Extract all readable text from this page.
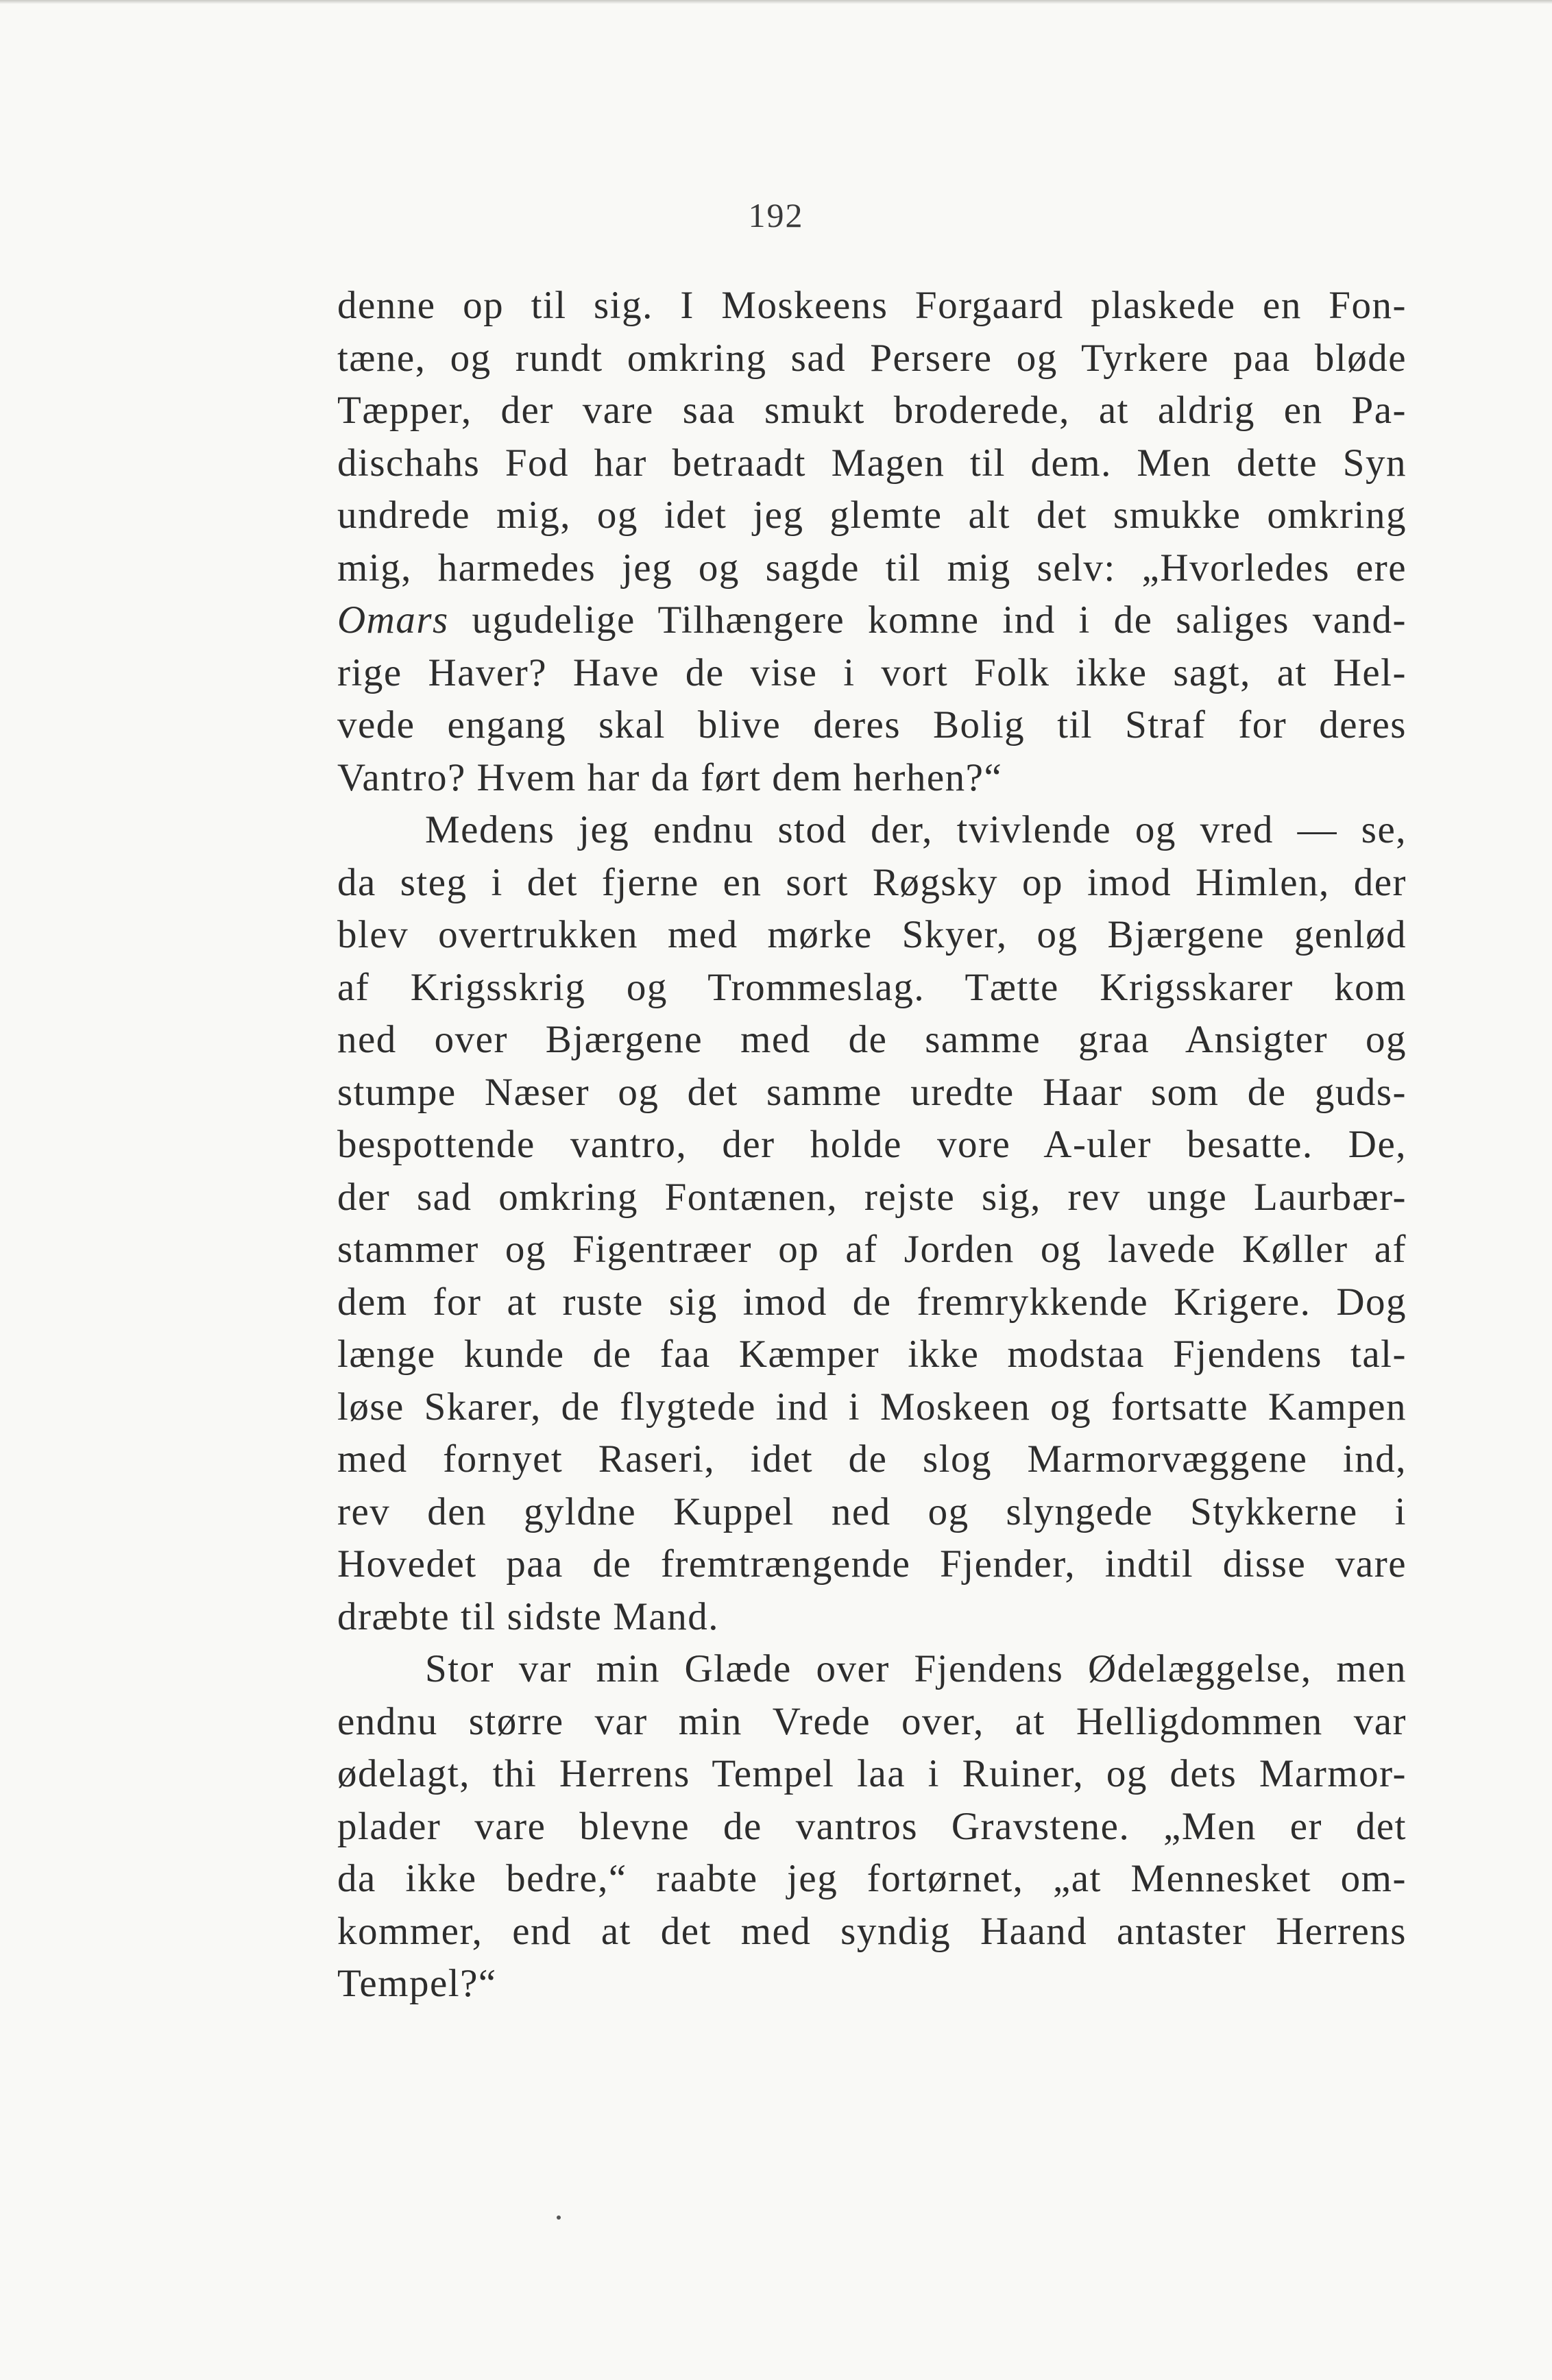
192
denne op til sig. I Moskeens Forgaard plaskede en Fon-
tæne, og rundt omkring sad Persere og Tyrkere paa bløde
Tæpper, der vare saa smukt broderede, at aldrig en Pa-
dischahs Fod har betraadt Magen til dem. Men dette Syn
undrede mig, og idet jeg glemte alt det smukke omkring
mig, harmedes jeg og sagde til mig selv: „Hvorledes ere
Omars ugudelige Tilhængere komne ind i de saliges vand-
rige Haver? Have de vise i vort Folk ikke sagt, at Hel-
vede engang skal blive deres Bolig til Straf for deres
Vantro? Hvem har da ført dem herhen?“
Medens jeg endnu stod der, tvivlende og vred — se,
da steg i det fjerne en sort Røgsky op imod Himlen, der
blev overtrukken med mørke Skyer, og Bjærgene genlød
af Krigsskrig og Trommeslag. Tætte Krigsskarer kom
ned over Bjærgene med de samme graa Ansigter og
stumpe Næser og det samme uredte Haar som de guds-
bespottende vantro, der holde vore A-uler besatte. De,
der sad omkring Fontænen, rejste sig, rev unge Laurbær-
stammer og Figentræer op af Jorden og lavede Køller af
dem for at ruste sig imod de fremrykkende Krigere. Dog
længe kunde de faa Kæmper ikke modstaa Fjendens tal-
løse Skarer, de flygtede ind i Moskeen og fortsatte Kampen
med fornyet Raseri, idet de slog Marmorvæggene ind,
rev den gyldne Kuppel ned og slyngede Stykkerne i
Hovedet paa de fremtrængende Fjender, indtil disse vare
dræbte til sidste Mand.
Stor var min Glæde over Fjendens Ødelæggelse, men
endnu større var min Vrede over, at Helligdommen var
ødelagt, thi Herrens Tempel laa i Ruiner, og dets Marmor-
plader vare blevne de vantros Gravstene. „Men er det
da ikke bedre,“ raabte jeg fortørnet, „at Mennesket om-
kommer, end at det med syndig Haand antaster Herrens
Tempel?“
